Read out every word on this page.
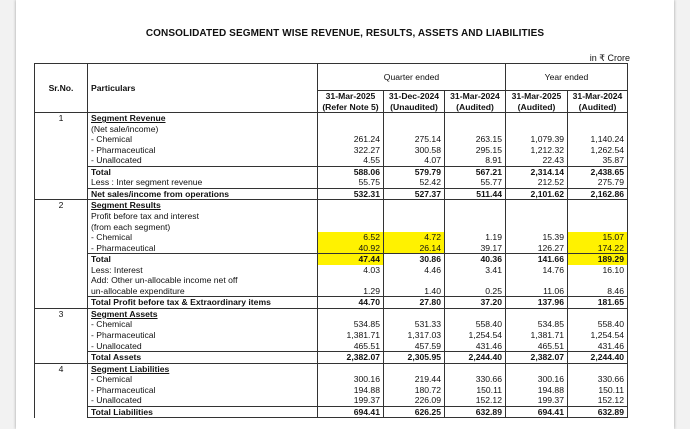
CONSOLIDATED SEGMENT WISE REVENUE, RESULTS, ASSETS AND LIABILITIES
in ₹ Crore
Sr.No.	Particulars	Quarter ended			Year ended	
		31-Mar-2025	31-Dec-2024	31-Mar-2024	31-Mar-2025	31-Mar-2024
		(Refer Note 5)	(Unaudited)	(Audited)	(Audited)	(Audited)
1	Segment Revenue					
	(Net sale/income)					
	- Chemical	261.24	275.14	263.15	1,079.39	1,140.24
	- Pharmaceutical	322.27	300.58	295.15	1,212.32	1,262.54
	- Unallocated	4.55	4.07	8.91	22.43	35.87
	Total	588.06	579.79	567.21	2,314.14	2,438.65
	Less : Inter segment revenue	55.75	52.42	55.77	212.52	275.79
	Net sales/income from operations	532.31	527.37	511.44	2,101.62	2,162.86
2	Segment Results					
	Profit before tax and interest					
	(from each segment)					
	- Chemical	6.52	4.72	1.19	15.39	15.07
	- Pharmaceutical	40.92	26.14	39.17	126.27	174.22
	Total	47.44	30.86	40.36	141.66	189.29
	Less: Interest	4.03	4.46	3.41	14.76	16.10
	Add: Other un-allocable income net off					
	un-allocable expenditure	1.29	1.40	0.25	11.06	8.46
	Total Profit before tax & Extraordinary items	44.70	27.80	37.20	137.96	181.65
3	Segment Assets					
	- Chemical	534.85	531.33	558.40	534.85	558.40
	- Pharmaceutical	1,381.71	1,317.03	1,254.54	1,381.71	1,254.54
	- Unallocated	465.51	457.59	431.46	465.51	431.46
	Total Assets	2,382.07	2,305.95	2,244.40	2,382.07	2,244.40
4	Segment Liabilities					
	- Chemical	300.16	219.44	330.66	300.16	330.66
	- Pharmaceutical	194.88	180.72	150.11	194.88	150.11
	- Unallocated	199.37	226.09	152.12	199.37	152.12
	Total Liabilities	694.41	626.25	632.89	694.41	632.89
